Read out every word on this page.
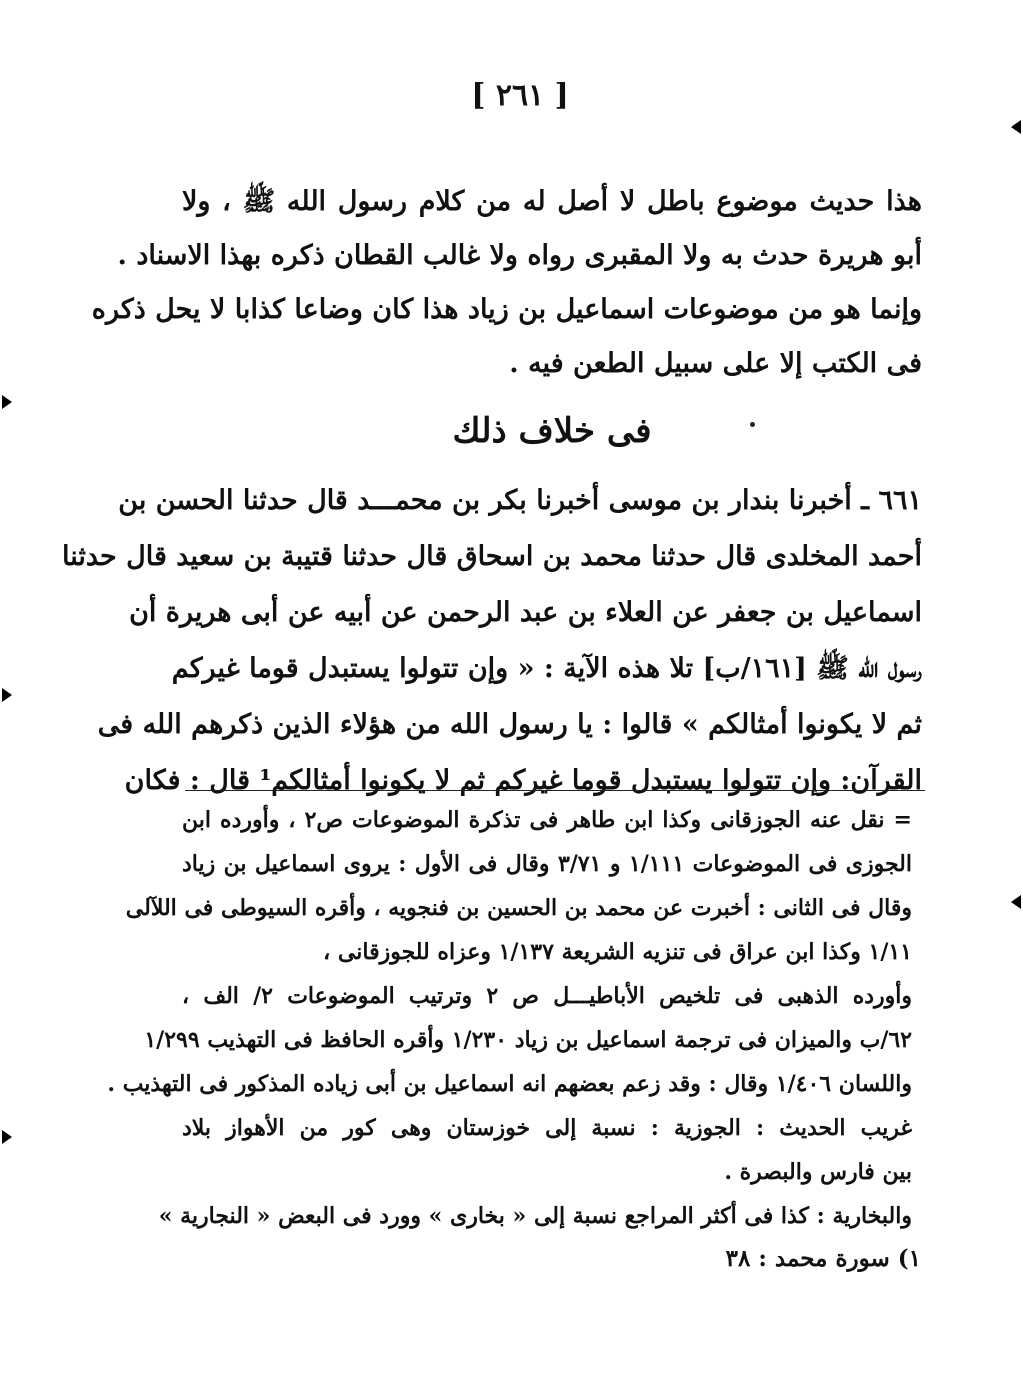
[ ٢٦١ ]
هذا حديث موضوع باطل لا أصل له من كلام رسول الله ﷺ ، ولا
أبو هريرة حدث به ولا المقبرى رواه ولا غالب القطان ذكره بهذا الاسناد .
وإنما هو من موضوعات اسماعيل بن زياد هذا كان وضاعا كذابا لا يحل ذكره
فى الكتب إلا على سبيل الطعن فيه .
فى خلاف ذلك
٦٦١ ـ أخبرنا بندار بن موسى أخبرنا بكر بن محمـــد قال حدثنا الحسن بن
أحمد المخلدى قال حدثنا محمد بن اسحاق قال حدثنا قتيبة بن سعيد قال حدثنا
اسماعيل بن جعفر عن العلاء بن عبد الرحمن عن أبيه عن أبى هريرة أن
رسول الله ﷺ [١٦١/ب] تلا هذه الآية : « وإن تتولوا يستبدل قوما غيركم
ثم لا يكونوا أمثالكم » قالوا : يا رسول الله من هؤلاء الذين ذكرهم الله فى
القرآن: وإن تتولوا يستبدل قوما غيركم ثم لا يكونوا أمثالكم¹ قال : فكان
= نقل عنه الجوزقانى وكذا ابن طاهر فى تذكرة الموضوعات ص٢ ، وأورده ابن
الجوزى فى الموضوعات ١/١١١ و ٣/٧١ وقال فى الأول : يروى اسماعيل بن زياد
وقال فى الثانى : أخبرت عن محمد بن الحسين بن فنجويه ، وأقره السيوطى فى اللآلى
١/١١ وكذا ابن عراق فى تنزيه الشريعة ١/١٣٧ وعزاه للجوزقانى ،
وأورده الذهبى فى تلخيص الأباطيـــل ص ٢ وترتيب الموضوعات ٢/ الف ،
٦٢/ب والميزان فى ترجمة اسماعيل بن زياد ١/٢٣٠ وأقره الحافظ فى التهذيب ١/٢٩٩
واللسان ١/٤٠٦ وقال : وقد زعم بعضهم انه اسماعيل بن أبى زياده المذكور فى التهذيب .
غريب الحديث : الجوزية : نسبة إلى خوزستان وهى كور من الأهواز بلاد
بين فارس والبصرة .
والبخارية : كذا فى أكثر المراجع نسبة إلى « بخارى » وورد فى البعض « النجارية »
١) سورة محمد : ٣٨
